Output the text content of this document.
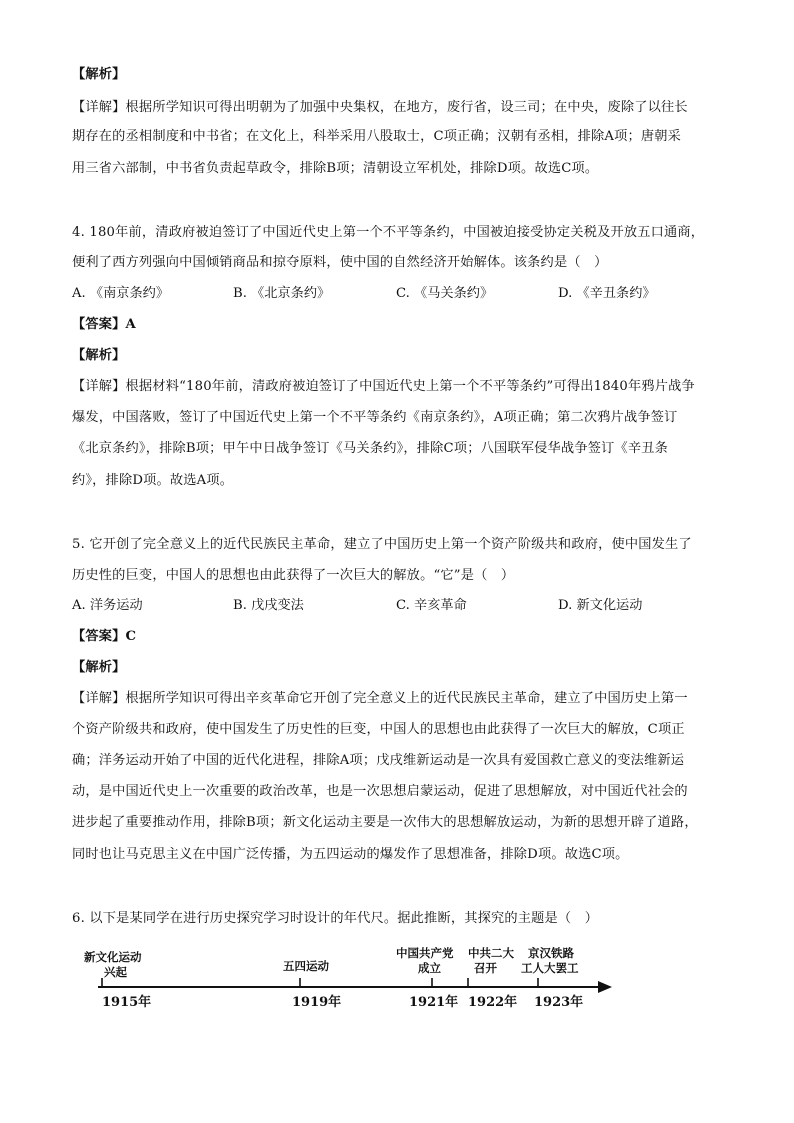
【解析】
【详解】根据所学知识可得出明朝为了加强中央集权，在地方，废行省，设三司；在中央，废除了以往长
期存在的丞相制度和中书省；在文化上，科举采用八股取士，C项正确；汉朝有丞相，排除A项；唐朝采
用三省六部制，中书省负责起草政令，排除B项；清朝设立军机处，排除D项。故选C项。
4. 180年前，清政府被迫签订了中国近代史上第一个不平等条约，中国被迫接受协定关税及开放五口通商，
便利了西方列强向中国倾销商品和掠夺原料，使中国的自然经济开始解体。该条约是（　）
A. 《南京条约》	B. 《北京条约》	C. 《马关条约》	D. 《辛丑条约》
【答案】A
【解析】
【详解】根据材料“180年前，清政府被迫签订了中国近代史上第一个不平等条约”可得出1840年鸦片战争
爆发，中国落败，签订了中国近代史上第一个不平等条约《南京条约》，A项正确；第二次鸦片战争签订
《北京条约》，排除B项；甲午中日战争签订《马关条约》，排除C项；八国联军侵华战争签订《辛丑条
约》，排除D项。故选A项。
5. 它开创了完全意义上的近代民族民主革命，建立了中国历史上第一个资产阶级共和政府，使中国发生了
历史性的巨变，中国人的思想也由此获得了一次巨大的解放。“它”是（　）
A. 洋务运动	B. 戊戌变法	C. 辛亥革命	D. 新文化运动
【答案】C
【解析】
【详解】根据所学知识可得出辛亥革命它开创了完全意义上的近代民族民主革命，建立了中国历史上第一
个资产阶级共和政府，使中国发生了历史性的巨变，中国人的思想也由此获得了一次巨大的解放，C项正
确；洋务运动开始了中国的近代化进程，排除A项；戊戌维新运动是一次具有爱国救亡意义的变法维新运
动，是中国近代史上一次重要的政治改革，也是一次思想启蒙运动，促进了思想解放，对中国近代社会的
进步起了重要推动作用，排除B项；新文化运动主要是一次伟大的思想解放运动，为新的思想开辟了道路，
同时也让马克思主义在中国广泛传播，为五四运动的爆发作了思想准备，排除D项。故选C项。
6. 以下是某同学在进行历史探究学习时设计的年代尺。据此推断，其探究的主题是（　）
新文化运动
兴起
1915年
五四运动
1919年
中国共产党
成立
1921年
中共二大
召开
1922年
京汉铁路
工人大罢工
1923年
